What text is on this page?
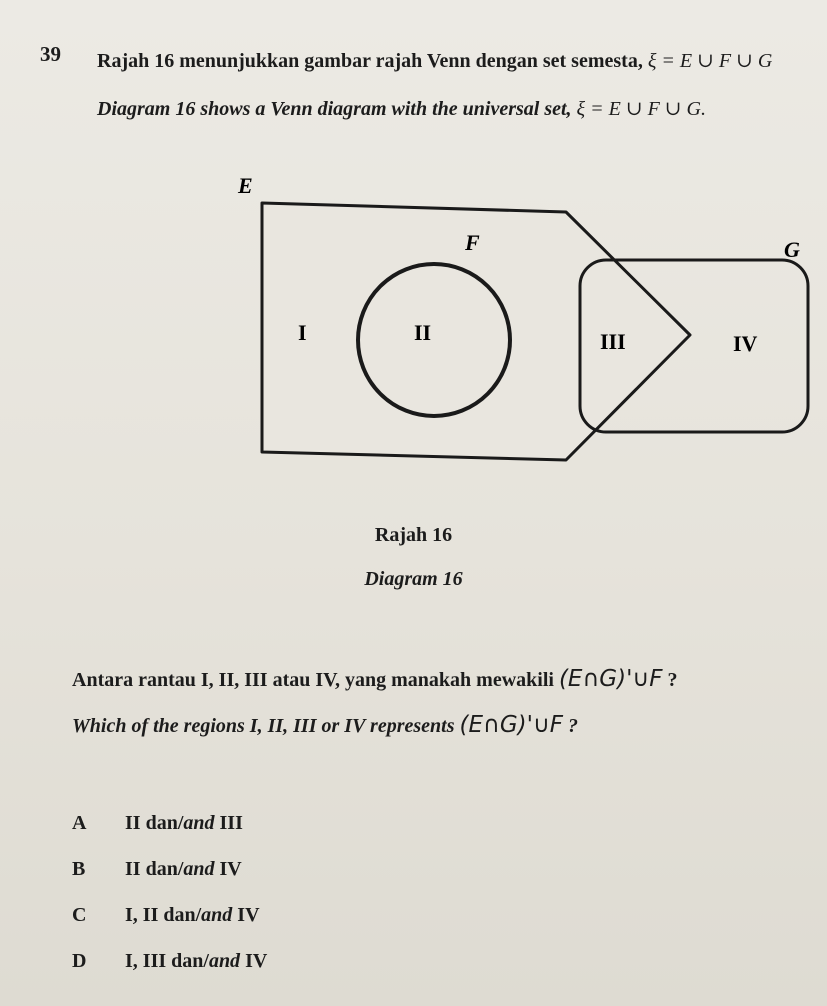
39 Rajah 16 menunjukkan gambar rajah Venn dengan set semesta, ξ = E ∪ F ∪ G
Diagram 16 shows a Venn diagram with the universal set, ξ = E ∪ F ∪ G.
E
F	G
I	II	III	IV
Rajah 16
Diagram 16
Antara rantau I, II, III atau IV, yang manakah mewakili (E∩G)'∪F ?
Which of the regions I, II, III or IV represents (E∩G)'∪F ?
A II dan/and III
B II dan/and IV
C I, II dan/and IV
D I, III dan/and IV
